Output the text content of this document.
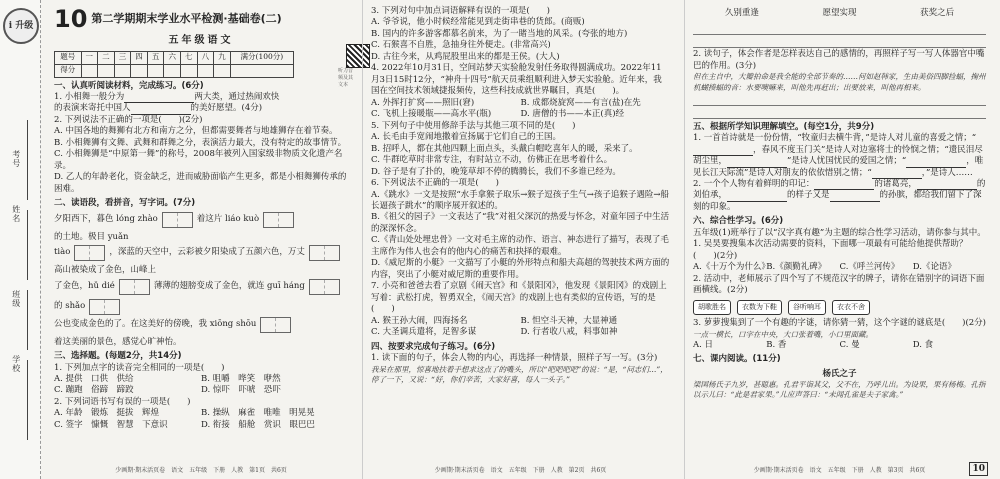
i 升级
考号
姓名
班级
学校
10 第二学期期末学业水平检测·基础卷(二)
五年级语文
题号	一	二	三	四	五	六	七	八	九	满分(100分)
得分											听力音频及其文本
一、认真听阅读材料，完成练习。(6分)

1. 小相舞一般分为	两大类，通过热闹欢快

的表演来寄托中国人	的美好愿望。(4分)

2. 下列说法不正确的一项是(　　)(2分)

A. 中国各地的舞狮有北方和南方之分，但都需要舞者与地雄狮存在着节奏。

B. 小相舞狮有文舞、武舞和群舞之分，表演活力最大，没有特定的故事情节。

C. 小相舞狮是“中原第一舞”的称号，2008年被列入国家级非物质文化遗产名录。

D. 乙人的年龄老化，资金缺乏，进而威胁面临产生更多，都是小相舞狮传承的困难。

二、读语段，看拼音，写字词。(7分)
夕阳西下，暮色 lóng zhào	着这片 liáo kuò
的土地。极目 yuǎn
tiào	，深蓝的天空中，云彩被夕阳染成了五颜六色，万丈
高山被染成了金色，山峰上
了金色，hǔ dié	薄薄的翅膀变成了金色，就连 guī háng
的 shǎo
公也变成金色的了。在这美好的傍晚，我 xiōng shōu
着这美丽的景色，感觉心旷神怡。
三、选择题。(每题2分，共14分)

1. 下列加点字的读音完全相同的一项是(　　)

A. 提供　口供　供给	B. 咀嚼　哗笑　咿然
C. 蹦跑　俗蹄　蹄跤	D. 惊吓　吓唬　恐吓

2. 下列词语书写有误的一项是(　　)

A. 年龄　锻炼　挺拔　辉煌	B. 操纵　麻雀　唯唯　明晃晃
C. 签字　慷慨　智慧　下意识	D. 衔接　船舱　赏识　眼巴巴
少画期·期末活页卷　语文　五年级　下册　人教　第1页　共6页

3. 下列对句中加点词语解释有误的一项是(　　)

A. 爷爷说，他小时候经常能见到走街串巷的货郎。(商贩)

B. 国内的许多游客都慕名前来，为了一睹当地的风采。(夸张的地方)

C. 石猴喜不自胜，急抽身往外便走。(非常高兴)

D. 古往今来，从鸡屁股里出来的都是王侯。(大人)

4. 2022年10月31日，空间站梦天实验舱发射任务取得圆满成功。2022年11月3日15时12分，“神舟十四号”航天员乘组顺利进入梦天实验舱。近年来，我国在空间技术领域捷报频传，这些科技成就世界瞩目，真是(　　)。

A. 外挥打扩窝——照旧(窘)	B. 成都烧旋窝——有言(盐)在先
C. 飞机上接暖瓶——高水平(瓶)	D. 唐僧的书——本正(真)经

5. 下列句子中使用修辞手法与其他三项不同的是(　　)

A. 长毛由手宽闹地撒着宣扬属于它们自己的王国。

B. 招呼人，都在其他四颗上面点头，头戴白帽吃喜年人的暖，采来了。

C. 牛群吃草时非常专注，有时站立不动，仿佛正在思考着什么。

D. 谷子是有了扑的，晚笼草却不停的腾腾长，我们不多谁已经为。

6. 下列说法不正确的一项是(　　)

A.《跳水》一文是按照“水手拿猴子取乐→猴子逗孩子生气→孩子追猴子遇险→船长逼孩子跳水”的顺序展开叙述的。

B.《祖父的园子》一文表达了“我”对祖父深沉的热爱与怀念，对童年园子中生活的深深怀念。

C.《青山处处埋忠骨》一文对毛主席的动作、语言、神态进行了描写，表现了毛主席作为伟人也会有的他内心的痛苦和抉择的艰难。

D.《威尼斯的小艇》一文描写了小艇的外形特点和船夫高超的驾驶技术两方面的内容，突出了小艇对威尼斯的重要作用。

7. 小亮和爸爸去看了京剧《闹天宫》和《景阳冈》，他发现《景阳冈》的戏剧上写着：武松打虎，智勇双全，《闹天宫》的戏剧上也有类似的宣传语，写的是(　　)

A. 猴王孙大闹，四海扬名	B. 怛空斗天神，大显神通
C. 大圣调兵遣将，足智多谋	D. 行者收八戒，料事如神
四、按要求完成句子练习。(6分)

1. 读下面的句子，体会人物的内心，再选择一种情景，照样子写一写。(3分)

我呆在那里，惊喜地扶着手想求这点了的嘴头，所以“吧吧吧吧”的说：“是，“问志们…”，停了一下，又说：“好，你们辛苦，大家好喜，每人一头子。”

少画期·期末活页卷　语文　五年级　下册　人教　第2页　共6页
久别重逢	愿望实现	获奖之后

2. 读句子，体会作者是怎样表达自己的感情的，再照样子写一写人体器官中嘴巴的作用。(3分)

但在主自中，大瓣拍命是我全能的全部节奏的……何如赵韩家，生由美俗四脚捡蝠，掬州机蝴揍蝠的音：水要噢嘛来，叫他先再赶出；出要放来，叫他再相来。

五、根据所学知识理解填空。(每空1分，共9分)

1. 一首首诗就是一份份情，“牧童归去横牛背，”是诗人对儿童的喜爱之情；“，春风不度玉门关”是诗人对边塞将士的怜悯之情；“遗民泪尽胡尘里，	”是诗人忧国忧民的爱国之情；“	，唯见长江天际流”是诗人对朋友的依依惜别之情；“	，”是诗人……

2. 一个个人物有着鲜明的印记：	的诸葛亮，	的刘伯承，	的样子又是	的孙膑，都给我们留下了深刻的印象。

六、综合性学习。(6分)

五年级(1)班举行了以“汉字真有趣”为主题的综合性学习活动，请你参与其中。

1. 吴昊要搜集本次活动需要的资料，下面哪一项最有可能给他提供帮助？(　　)(2分)

A.《十万个为什么》
B.《颜勤礼碑》	C.《呼兰河传》	D.《论语》

2. 活动中，老师展示了四个写了不规范汉字的牌子，请你在错别字的词语下面画横线。(2分)

胡歌胜名	衣数为下鞋	谷听响耳	衣衣不舍

3. 萝萝搜集到了一个有趣的字谜，请你猜一猜，这个字谜的谜底是(　　)(2分)

一点一横长，口字在中央，大口张着嘴，小口里面藏。

A. 日	B. 香	C. 曼	D. 食
七、课内阅读。(11分)
杨氏之子

梁国杨氏子九岁，甚聪惠。孔君平诣其父，父不在，乃呼儿出。为设果，果有杨梅。孔指以示儿曰：“此是君家果。”儿应声答曰：“未闻孔雀是夫子家禽。”

少画期·期末活页卷　语文　五年级　下册　人教　第3页　共6页	10
